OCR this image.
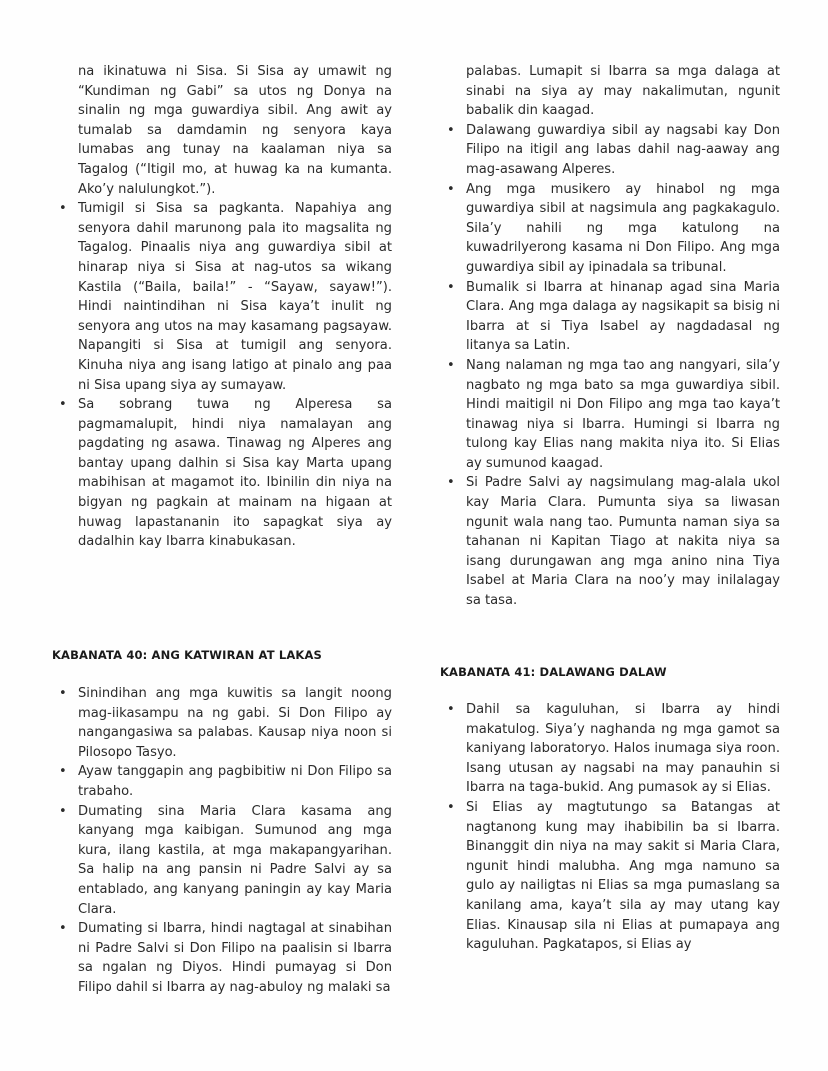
na ikinatuwa ni Sisa. Si Sisa ay umawit ng “Kundiman ng Gabi” sa utos ng Donya na sinalin ng mga guwardiya sibil. Ang awit ay tumalab sa damdamin ng senyora kaya lumabas ang tunay na kaalaman niya sa Tagalog (“Itigil mo, at huwag ka na kumanta. Ako’y nalulungkot.”).
• Tumigil si Sisa sa pagkanta. Napahiya ang senyora dahil marunong pala ito magsalita ng Tagalog. Pinaalis niya ang guwardiya sibil at hinarap niya si Sisa at nag-utos sa wikang Kastila (“Baila, baila!” - “Sayaw, sayaw!”). Hindi naintindihan ni Sisa kaya’t inulit ng senyora ang utos na may kasamang pagsayaw. Napangiti si Sisa at tumigil ang senyora. Kinuha niya ang isang latigo at pinalo ang paa ni Sisa upang siya ay sumayaw.
• Sa sobrang tuwa ng Alperesa sa pagmamalupit, hindi niya namalayan ang pagdating ng asawa. Tinawag ng Alperes ang bantay upang dalhin si Sisa kay Marta upang mabihisan at magamot ito. Ibinilin din niya na bigyan ng pagkain at mainam na higaan at huwag lapastananin ito sapagkat siya ay dadalhin kay Ibarra kinabukasan.
KABANATA 40: ANG KATWIRAN AT LAKAS
• Sinindihan ang mga kuwitis sa langit noong mag-iikasampu na ng gabi. Si Don Filipo ay nangangasiwa sa palabas. Kausap niya noon si Pilosopo Tasyo.
• Ayaw tanggapin ang pagbibitiw ni Don Filipo sa trabaho.
• Dumating sina Maria Clara kasama ang kanyang mga kaibigan. Sumunod ang mga kura, ilang kastila, at mga makapangyarihan. Sa halip na ang pansin ni Padre Salvi ay sa entablado, ang kanyang paningin ay kay Maria Clara.
• Dumating si Ibarra, hindi nagtagal at sinabihan ni Padre Salvi si Don Filipo na paalisin si Ibarra sa ngalan ng Diyos. Hindi pumayag si Don Filipo dahil si Ibarra ay nag-abuloy ng malaki sa
palabas. Lumapit si Ibarra sa mga dalaga at sinabi na siya ay may nakalimutan, ngunit babalik din kaagad.
• Dalawang guwardiya sibil ay nagsabi kay Don Filipo na itigil ang labas dahil nag-aaway ang mag-asawang Alperes.
• Ang mga musikero ay hinabol ng mga guwardiya sibil at nagsimula ang pagkakagulo. Sila’y nahili ng mga katulong na kuwadrilyerong kasama ni Don Filipo. Ang mga guwardiya sibil ay ipinadala sa tribunal.
• Bumalik si Ibarra at hinanap agad sina Maria Clara. Ang mga dalaga ay nagsikapit sa bisig ni Ibarra at si Tiya Isabel ay nagdadasal ng litanya sa Latin.
• Nang nalaman ng mga tao ang nangyari, sila’y nagbato ng mga bato sa mga guwardiya sibil. Hindi maitigil ni Don Filipo ang mga tao kaya’t tinawag niya si Ibarra. Humingi si Ibarra ng tulong kay Elias nang makita niya ito. Si Elias ay sumunod kaagad.
• Si Padre Salvi ay nagsimulang mag-alala ukol kay Maria Clara. Pumunta siya sa liwasan ngunit wala nang tao. Pumunta naman siya sa tahanan ni Kapitan Tiago at nakita niya sa isang durungawan ang mga anino nina Tiya Isabel at Maria Clara na noo’y may inilalagay sa tasa.
KABANATA 41: DALAWANG DALAW
• Dahil sa kaguluhan, si Ibarra ay hindi makatulog. Siya’y naghanda ng mga gamot sa kaniyang laboratoryo. Halos inumaga siya roon. Isang utusan ay nagsabi na may panauhin si Ibarra na taga-bukid. Ang pumasok ay si Elias.
• Si Elias ay magtutungo sa Batangas at nagtanong kung may ihabibilin ba si Ibarra. Binanggit din niya na may sakit si Maria Clara, ngunit hindi malubha. Ang mga namuno sa gulo ay nailigtas ni Elias sa mga pumaslang sa kanilang ama, kaya’t sila ay may utang kay Elias. Kinausap sila ni Elias at pumapaya ang kaguluhan. Pagkatapos, si Elias ay
